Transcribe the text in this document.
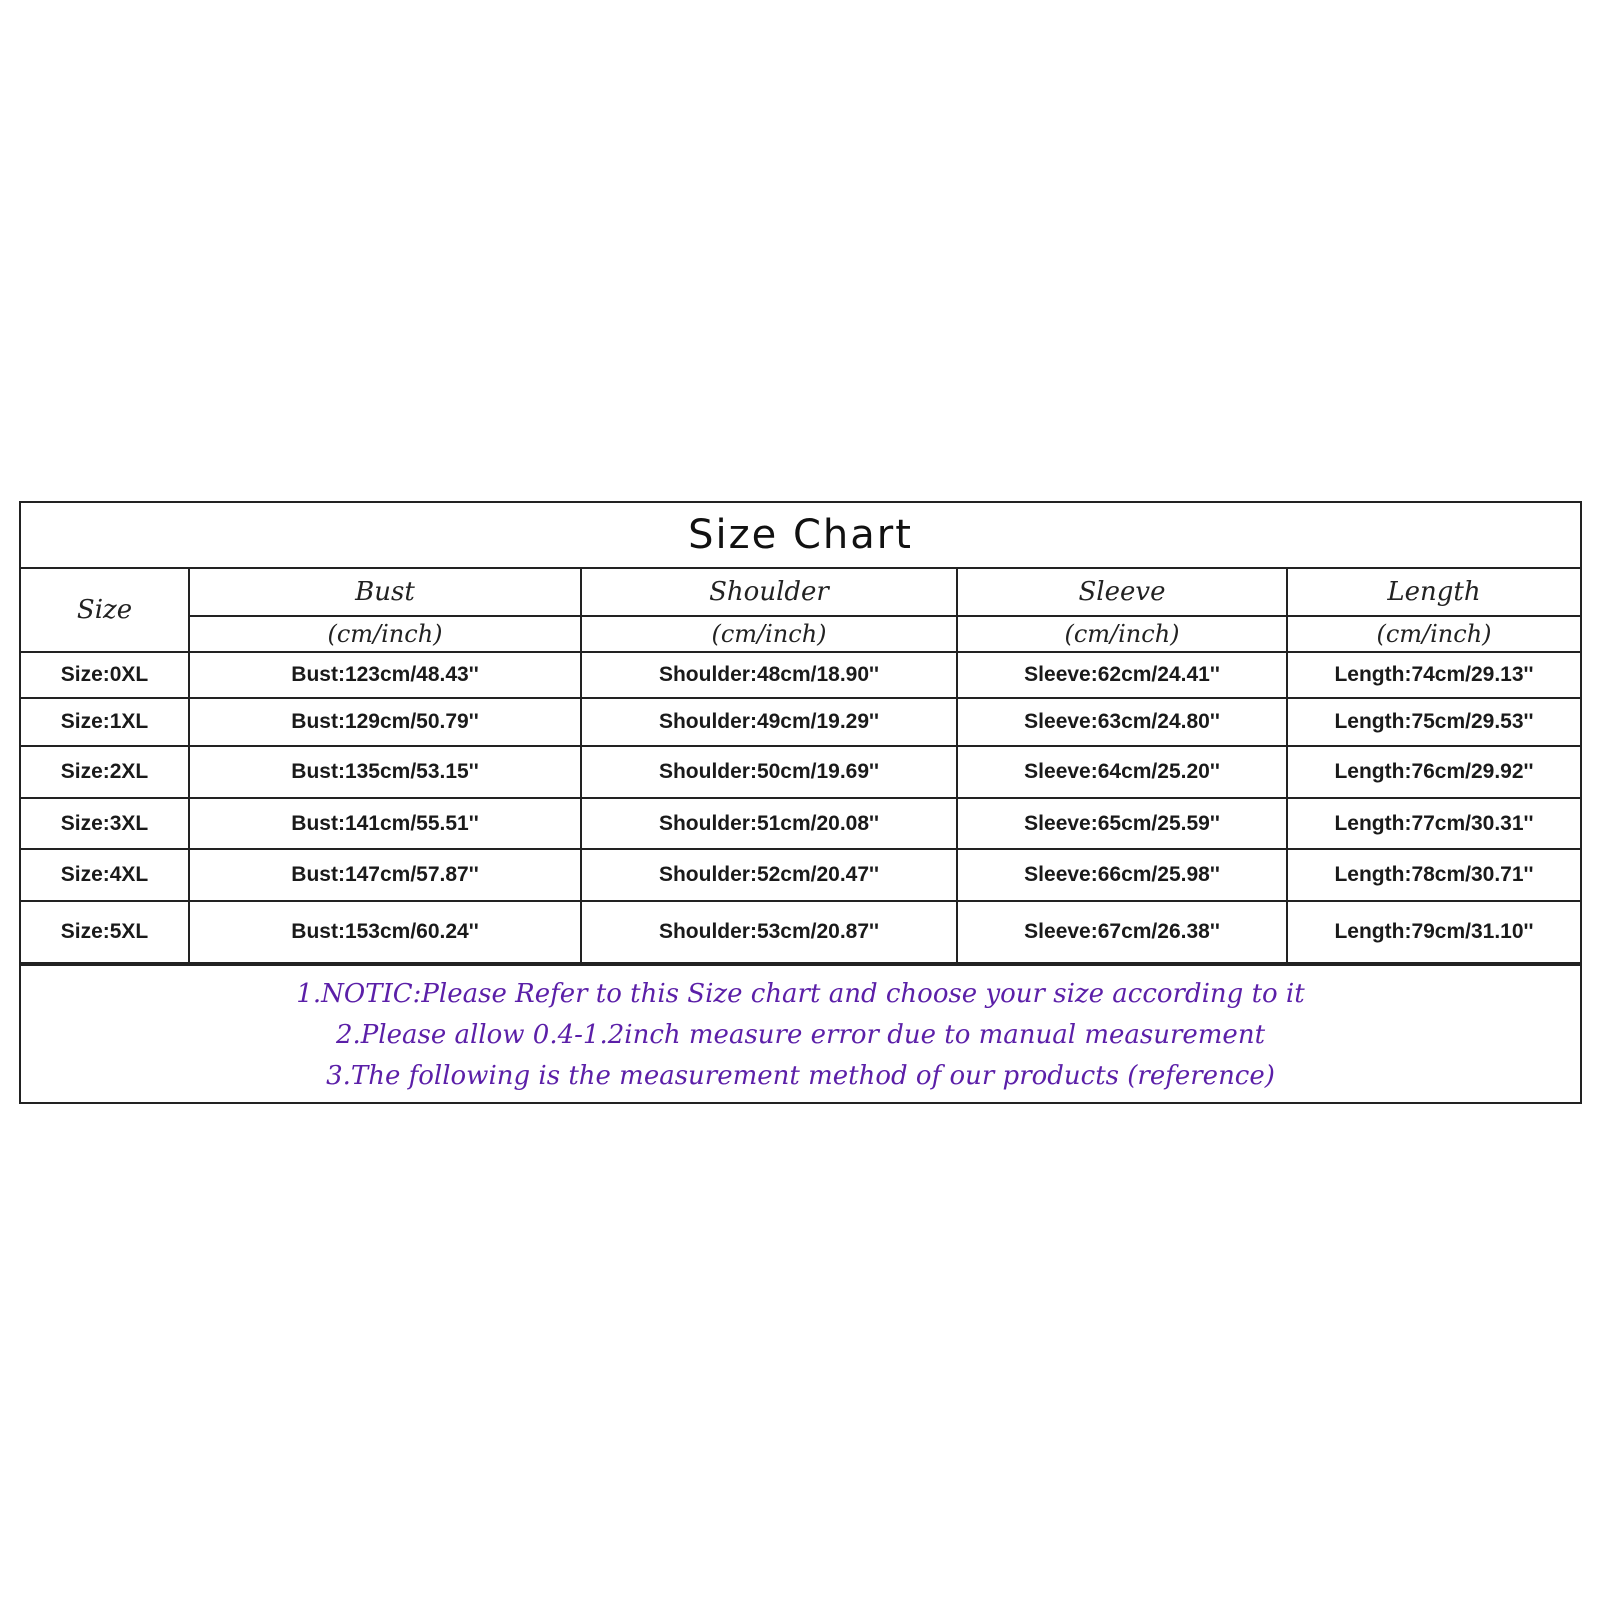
Size Chart
Size	Bust	Shoulder	Sleeve	Length
	(cm/inch)	(cm/inch)	(cm/inch)	(cm/inch)
Size:0XL	Bust:123cm/48.43''	Shoulder:48cm/18.90''	Sleeve:62cm/24.41''	Length:74cm/29.13''
Size:1XL	Bust:129cm/50.79''	Shoulder:49cm/19.29''	Sleeve:63cm/24.80''	Length:75cm/29.53''
Size:2XL	Bust:135cm/53.15''	Shoulder:50cm/19.69''	Sleeve:64cm/25.20''	Length:76cm/29.92''
Size:3XL	Bust:141cm/55.51''	Shoulder:51cm/20.08''	Sleeve:65cm/25.59''	Length:77cm/30.31''
Size:4XL	Bust:147cm/57.87''	Shoulder:52cm/20.47''	Sleeve:66cm/25.98''	Length:78cm/30.71''
Size:5XL	Bust:153cm/60.24''	Shoulder:53cm/20.87''	Sleeve:67cm/26.38''	Length:79cm/31.10''
1.NOTIC:Please Refer to this Size chart and choose your size according to it
2.Please allow 0.4-1.2inch measure error due to manual measurement
3.The following is the measurement method of our products (reference)
